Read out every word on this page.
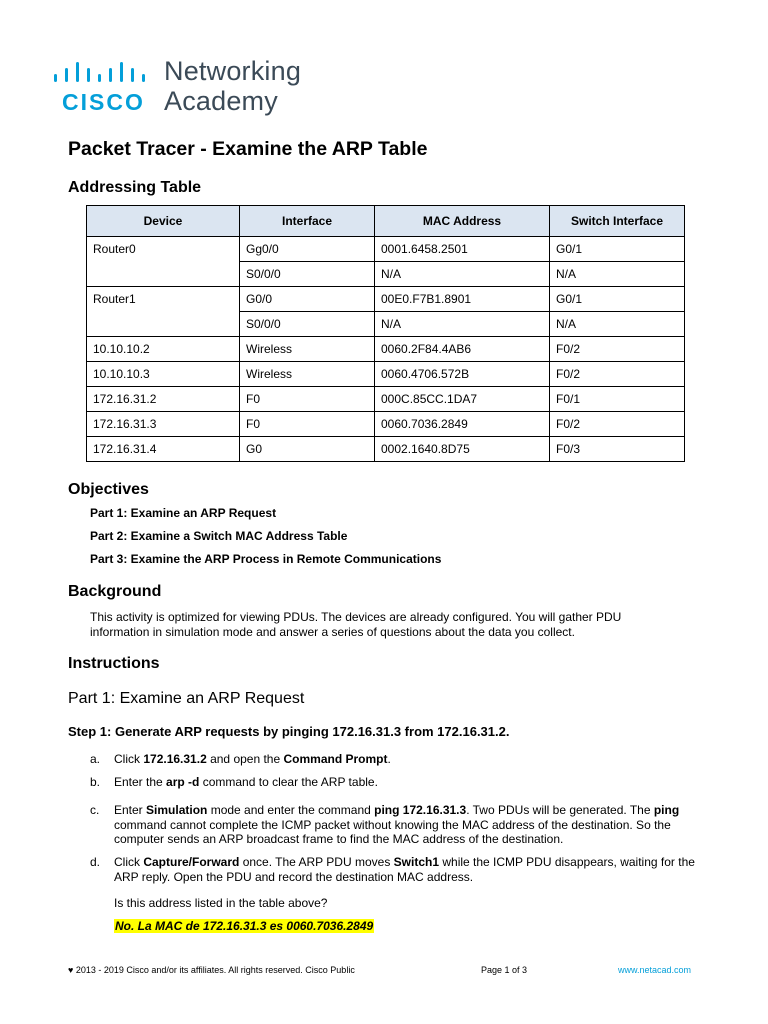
CISCO
Networking
Academy
Packet Tracer - Examine the ARP Table
Addressing Table
Device	Interface	MAC Address	Switch Interface
Router0	Gg0/0	0001.6458.2501	G0/1
	S0/0/0	N/A	N/A
Router1	G0/0	00E0.F7B1.8901	G0/1
	S0/0/0	N/A	N/A
10.10.10.2	Wireless	0060.2F84.4AB6	F0/2
10.10.10.3	Wireless	0060.4706.572B	F0/2
172.16.31.2	F0	000C.85CC.1DA7	F0/1
172.16.31.3	F0	0060.7036.2849	F0/2
172.16.31.4	G0	0002.1640.8D75	F0/3
Objectives
Part 1: Examine an ARP Request
Part 2: Examine a Switch MAC Address Table
Part 3: Examine the ARP Process in Remote Communications
Background
This activity is optimized for viewing PDUs. The devices are already configured. You will gather PDU information in simulation mode and answer a series of questions about the data you collect.
Instructions
Part 1: Examine an ARP Request
Step 1: Generate ARP requests by pinging 172.16.31.3 from 172.16.31.2.
a. Click 172.16.31.2 and open the Command Prompt.
b. Enter the arp -d command to clear the ARP table.
c. Enter Simulation mode and enter the command ping 172.16.31.3. Two PDUs will be generated. The ping command cannot complete the ICMP packet without knowing the MAC address of the destination. So the computer sends an ARP broadcast frame to find the MAC address of the destination.
d. Click Capture/Forward once. The ARP PDU moves Switch1 while the ICMP PDU disappears, waiting for the ARP reply. Open the PDU and record the destination MAC address.
Is this address listed in the table above?
No. La MAC de 172.16.31.3 es 0060.7036.2849
♥ 2013 - 2019 Cisco and/or its affiliates. All rights reserved. Cisco Public	Page 1 of 3	www.netacad.com
